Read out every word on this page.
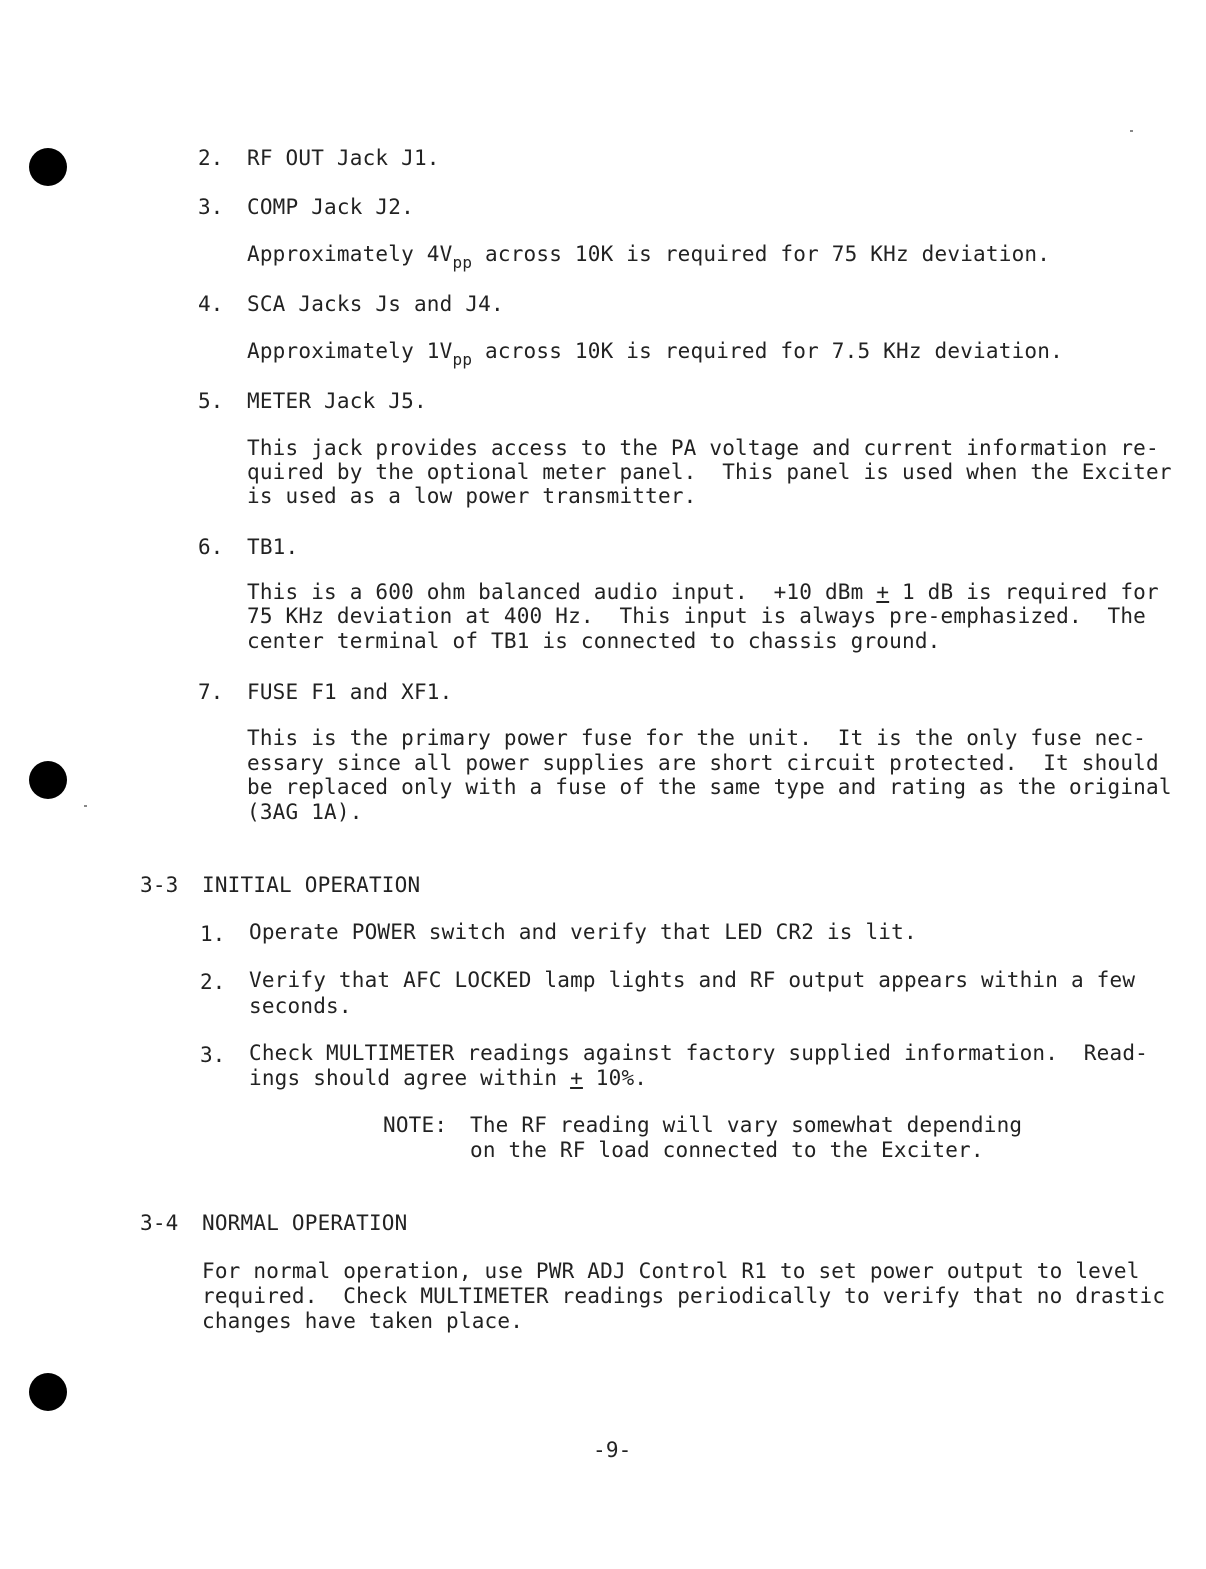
2. RF OUT Jack J1.
3. COMP Jack J2.
Approximately $4V_{pp}$ across 10K is required for 75 KHz deviation.
4. SCA Jacks Js and J4.
Approximately $1V_{pp}$ across 10K is required for 7.5 KHz deviation.
5. METER Jack J5.
This jack provides access to the PA voltage and current information re-
quired by the optional meter panel.  This panel is used when the Exciter
is used as a low power transmitter.
6. TB1.
This is a 600 ohm balanced audio input.  +10 dBm + 1 dB is required for
75 KHz deviation at 400 Hz.  This input is always pre-emphasized.  The
center terminal of TB1 is connected to chassis ground.
7. FUSE F1 and XF1.
This is the primary power fuse for the unit.  It is the only fuse nec-
essary since all power supplies are short circuit protected.  It should
be replaced only with a fuse of the same type and rating as the original
(3AG 1A).
3-3 INITIAL OPERATION
1. Operate POWER switch and verify that LED CR2 is lit.
2. Verify that AFC LOCKED lamp lights and RF output appears within a few
seconds.
3. Check MULTIMETER readings against factory supplied information.  Read-
ings should agree within + 10%.
NOTE: The RF reading will vary somewhat depending
on the RF load connected to the Exciter.
3-4 NORMAL OPERATION
For normal operation, use PWR ADJ Control R1 to set power output to level
required.  Check MULTIMETER readings periodically to verify that no drastic
changes have taken place.
-9-
